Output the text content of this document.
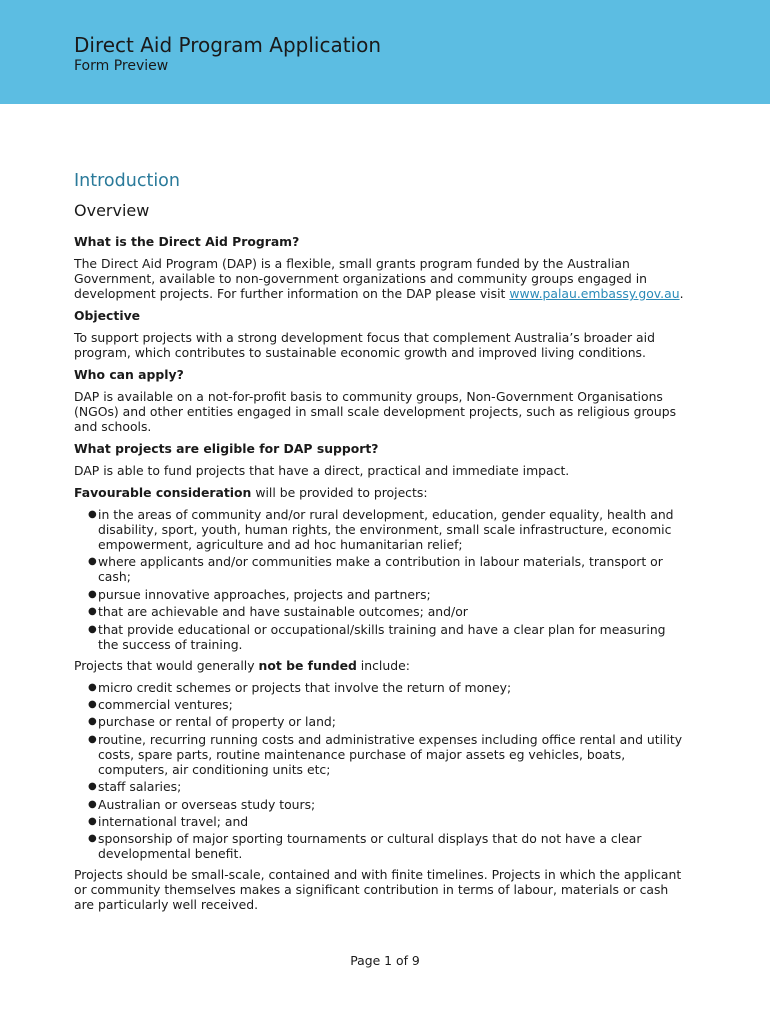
Direct Aid Program Application
Form Preview
Introduction
Overview
What is the Direct Aid Program?
The Direct Aid Program (DAP) is a flexible, small grants program funded by the Australian Government, available to non-government organizations and community groups engaged in development projects. For further information on the DAP please visit www.palau.embassy.gov.au.
Objective
To support projects with a strong development focus that complement Australia’s broader aid program, which contributes to sustainable economic growth and improved living conditions.
Who can apply?
DAP is available on a not-for-profit basis to community groups, Non-Government Organisations (NGOs) and other entities engaged in small scale development projects, such as religious groups and schools.
What projects are eligible for DAP support?
DAP is able to fund projects that have a direct, practical and immediate impact.
Favourable consideration will be provided to projects:
● in the areas of community and/or rural development, education, gender equality, health and disability, sport, youth, human rights, the environment, small scale infrastructure, economic empowerment, agriculture and ad hoc humanitarian relief;
● where applicants and/or communities make a contribution in labour materials, transport or cash;
● pursue innovative approaches, projects and partners;
● that are achievable and have sustainable outcomes; and/or
● that provide educational or occupational/skills training and have a clear plan for measuring the success of training.
Projects that would generally not be funded include:
● micro credit schemes or projects that involve the return of money;
● commercial ventures;
● purchase or rental of property or land;
● routine, recurring running costs and administrative expenses including office rental and utility costs, spare parts, routine maintenance purchase of major assets eg vehicles, boats, computers, air conditioning units etc;
● staff salaries;
● Australian or overseas study tours;
● international travel; and
● sponsorship of major sporting tournaments or cultural displays that do not have a clear developmental benefit.
Projects should be small-scale, contained and with finite timelines. Projects in which the applicant or community themselves makes a significant contribution in terms of labour, materials or cash are particularly well received.
Page 1 of 9
